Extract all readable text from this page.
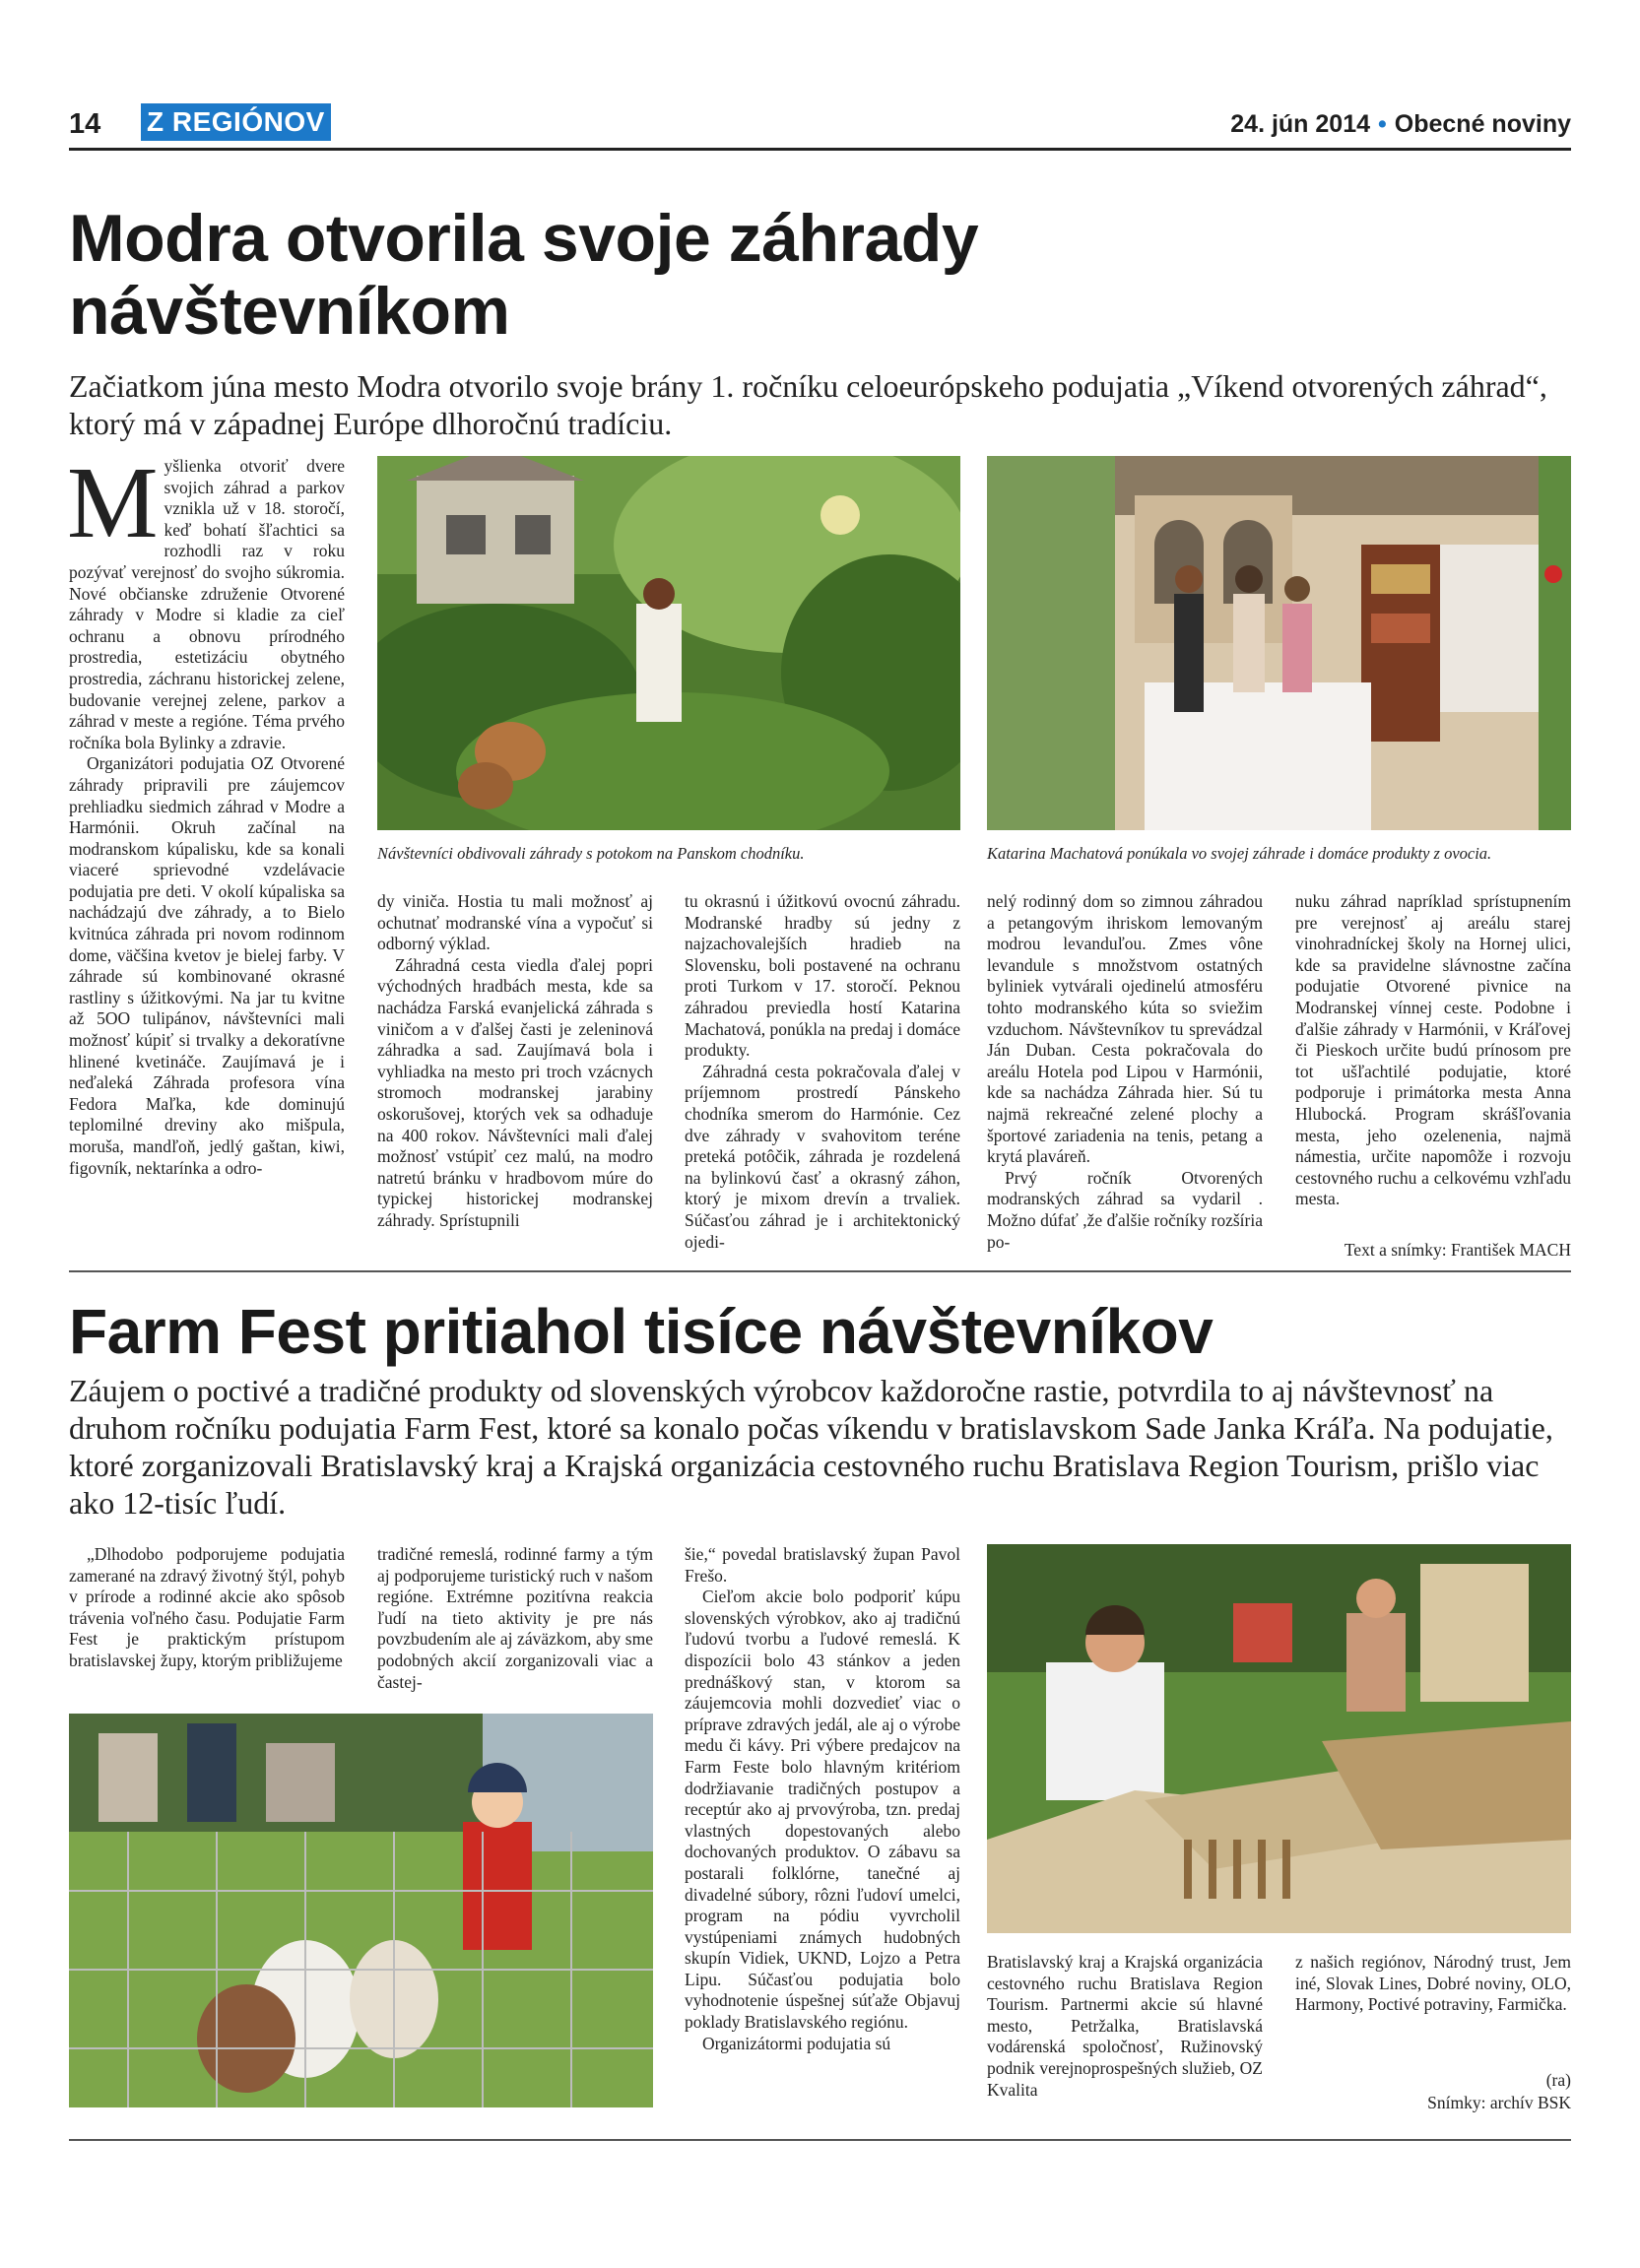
14 Z REGIÓNOV	24. jún 2014 • Obecné noviny
Modra otvorila svoje záhrady
návštevníkom
Začiatkom júna mesto Modra otvorilo svoje brány 1. ročníku celoeurópskeho podujatia „Víkend otvorených záhrad“, ktorý má v západnej Európe dlhoročnú tradíciu.

Myšlienka otvoriť dvere svojich záhrad a parkov vznikla už v 18. storočí, keď bohatí šľachtici sa rozhodli raz v roku pozývať verejnosť do svojho súkromia. Nové občianske združenie Otvorené záhrady v Modre si kladie za cieľ ochranu a obnovu prírodného prostredia, estetizáciu obytného prostredia, záchranu historickej zelene, budovanie verejnej zelene, parkov a záhrad v meste a regióne. Téma prvého ročníka bola Bylinky a zdravie.

Organizátori podujatia OZ Otvorené záhrady pripravili pre záujemcov prehliadku siedmich záhrad v Modre a Harmónii. Okruh začínal na modranskom kúpalisku, kde sa konali viaceré sprievodné vzdelávacie podujatia pre deti. V okolí kúpaliska sa nachádzajú dve záhrady, a to Bielo kvitnúca záhrada pri novom rodinnom dome, väčšina kvetov je bielej farby. V záhrade sú kombinované okrasné rastliny s úžitkovými. Na jar tu kvitne až 5OO tulipánov, návštevníci mali možnosť kúpiť si trvalky a dekoratívne hlinené kvetináče. Zaujímavá je i neďaleká Záhrada profesora vína Fedora Maľka, kde dominujú teplomilné dreviny ako mišpula, moruša, mandľoň, jedlý gaštan, kiwi, figovník, nektarínka a odro-

Návštevníci obdivovali záhrady s potokom na Panskom chodníku.	Katarina Machatová ponúkala vo svojej záhrade i domáce produkty z ovocia.

dy viniča. Hostia tu mali možnosť aj ochutnať modranské vína a vypočuť si odborný výklad.

Záhradná cesta viedla ďalej popri východných hradbách mesta, kde sa nachádza Farská evanjelická záhrada s viničom a v ďalšej časti je zeleninová záhradka a sad. Zaujímavá bola i vyhliadka na mesto pri troch vzácnych stromoch modranskej jarabiny oskorušovej, ktorých vek sa odhaduje na 400 rokov. Návštevníci mali ďalej možnosť vstúpiť cez malú, na modro natretú bránku v hradbovom múre do typickej historickej modranskej záhrady. Sprístupnili

tu okrasnú i úžitkovú ovocnú záhradu. Modranské hradby sú jedny z najzachovalejších hradieb na Slovensku, boli postavené na ochranu proti Turkom v 17. storočí. Peknou záhradou previedla hostí Katarina Machatová, ponúkla na predaj i domáce produkty.

Záhradná cesta pokračovala ďalej v príjemnom prostredí Pánskeho chodníka smerom do Harmónie. Cez dve záhrady v svahovitom teréne preteká potôčik, záhrada je rozdelená na bylinkovú časť a okrasný záhon, ktorý je mixom drevín a trvaliek. Súčasťou záhrad je i architektonický ojedi-

nelý rodinný dom so zimnou záhradou a petangovým ihriskom lemovaným modrou levanduľou. Zmes vône levandule s množstvom ostatných byliniek vytvárali ojedinelú atmosféru tohto modranského kúta so sviežim vzduchom. Návštevníkov tu sprevádzal Ján Duban. Cesta pokračovala do areálu Hotela pod Lipou v Harmónii, kde sa nachádza Záhrada hier. Sú tu najmä rekreačné zelené plochy a športové zariadenia na tenis, petang a krytá plaváreň.

Prvý ročník Otvorených modranských záhrad sa vydaril . Možno dúfať ,že ďalšie ročníky rozšíria po-

nuku záhrad napríklad sprístupnením pre verejnosť aj areálu starej vinohradníckej školy na Hornej ulici, kde sa pravidelne slávnostne začína podujatie Otvorené pivnice na Modranskej vínnej ceste. Podobne i ďalšie záhrady v Harmónii, v Kráľovej či Pieskoch určite budú prínosom pre tot ušľachtilé podujatie, ktoré podporuje i primátorka mesta Anna Hlubocká. Program skrášľovania mesta, jeho ozelenenia, najmä námestia, určite napomôže i rozvoju cestovného ruchu a celkovému vzhľadu mesta.

Text a snímky: František MACH
Farm Fest pritiahol tisíce návštevníkov
Záujem o poctivé a tradičné produkty od slovenských výrobcov každoročne rastie, potvrdila to aj návštevnosť na druhom ročníku podujatia Farm Fest, ktoré sa konalo počas víkendu v bratislavskom Sade Janka Kráľa. Na podujatie, ktoré zorganizovali Bratislavský kraj a Krajská organizácia cestovného ruchu Bratislava Region Tourism, prišlo viac ako 12-tisíc ľudí.

„Dlhodobo podporujeme podujatia zamerané na zdravý životný štýl, pohyb v prírode a rodinné akcie ako spôsob trávenia voľného času. Podujatie Farm Fest je praktickým prístupom bratislavskej župy, ktorým približujeme

tradičné remeslá, rodinné farmy a tým aj podporujeme turistický ruch v našom regióne. Extrémne pozitívna reakcia ľudí na tieto aktivity je pre nás povzbudením ale aj záväzkom, aby sme podobných akcií zorganizovali viac a častej-

šie,“ povedal bratislavský župan Pavol Frešo.

Cieľom akcie bolo podporiť kúpu slovenských výrobkov, ako aj tradičnú ľudovú tvorbu a ľudové remeslá. K dispozícii bolo 43 stánkov a jeden prednáškový stan, v ktorom sa záujemcovia mohli dozvedieť viac o príprave zdravých jedál, ale aj o výrobe medu či kávy. Pri výbere predajcov na Farm Feste bolo hlavným kritériom dodržiavanie tradičných postupov a receptúr ako aj prvovýroba, tzn. predaj vlastných dopestovaných alebo dochovaných produktov. O zábavu sa postarali folklórne, tanečné aj divadelné súbory, rôzni ľudoví umelci, program na pódiu vyvrcholil vystúpeniami známych hudobných skupín Vidiek, UKND, Lojzo a Petra Lipu. Súčasťou podujatia bolo vyhodnotenie úspešnej súťaže Objavuj poklady Bratislavského regiónu.

Organizátormi podujatia sú

Bratislavský kraj a Krajská organizácia cestovného ruchu Bratislava Region Tourism. Partnermi akcie sú hlavné mesto, Petržalka, Bratislavská vodárenská spoločnosť, Ružinovský podnik verejnoprospešných služieb, OZ Kvalita

z našich regiónov, Národný trust, Jem iné, Slovak Lines, Dobré noviny, OLO, Harmony, Poctivé potraviny, Farmička.

(ra)
Snímky: archív BSK
